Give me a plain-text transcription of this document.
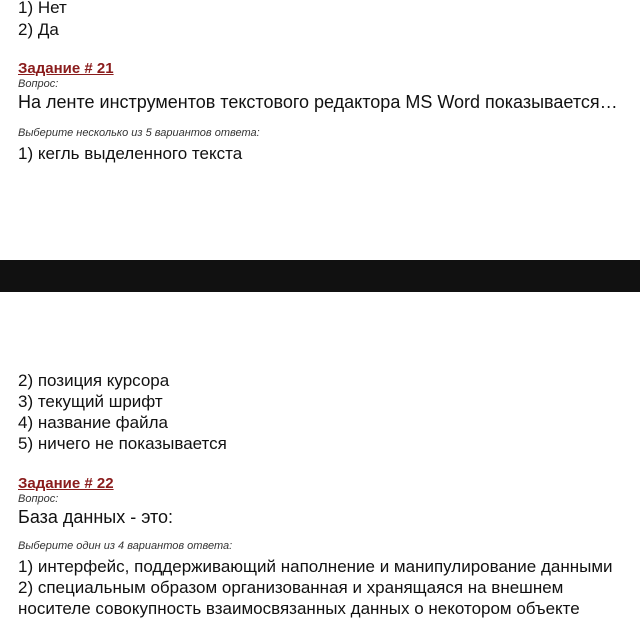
1) Нет
2) Да
Задание # 21
Вопрос:
На ленте инструментов текстового редактора MS Word показывается…
Выберите несколько из 5 вариантов ответа:
1) кегль выделенного текста
2) позиция курсора
3) текущий шрифт
4) название файла
5) ничего не показывается
Задание # 22
Вопрос:
База данных - это:
Выберите один из 4 вариантов ответа:
1) интерфейс, поддерживающий наполнение и манипулирование данными
2) специальным образом организованная и хранящаяся на внешнем носителе совокупность взаимосвязанных данных о некотором объекте
